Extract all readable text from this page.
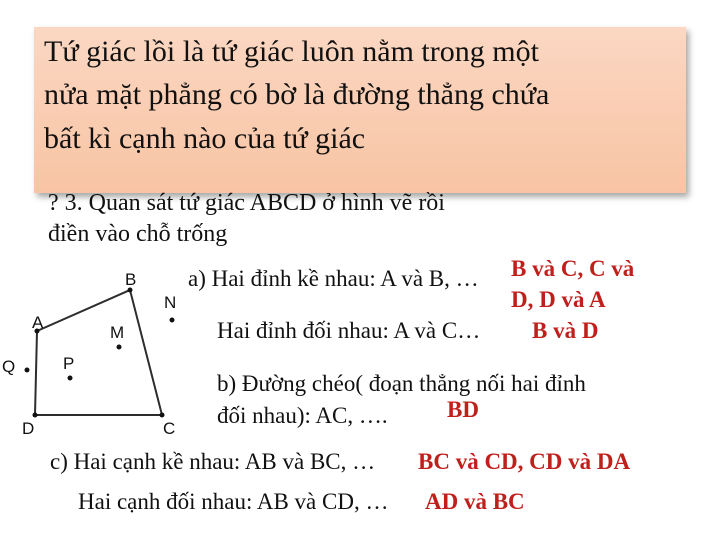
Tứ giác lồi là tứ giác luôn nằm trong một
nửa mặt phẳng có bờ là đường thẳng chứa
bất kì cạnh nào của tứ giác
? 3. Quan sát tứ giác ABCD ở hình vẽ rồi
điền vào chỗ trống
A
B
C
D
M
N
P
Q
a) Hai đỉnh kề nhau: A và B, … B và C, C và
D, D và A
Hai đỉnh đối nhau: A và C… B và D
b) Đường chéo( đoạn thẳng nối hai đỉnh
đối nhau): AC, ….	BD
c) Hai cạnh kề nhau: AB và BC, … BC và CD, CD và DA
Hai cạnh đối nhau: AB và CD, … AD và BC
